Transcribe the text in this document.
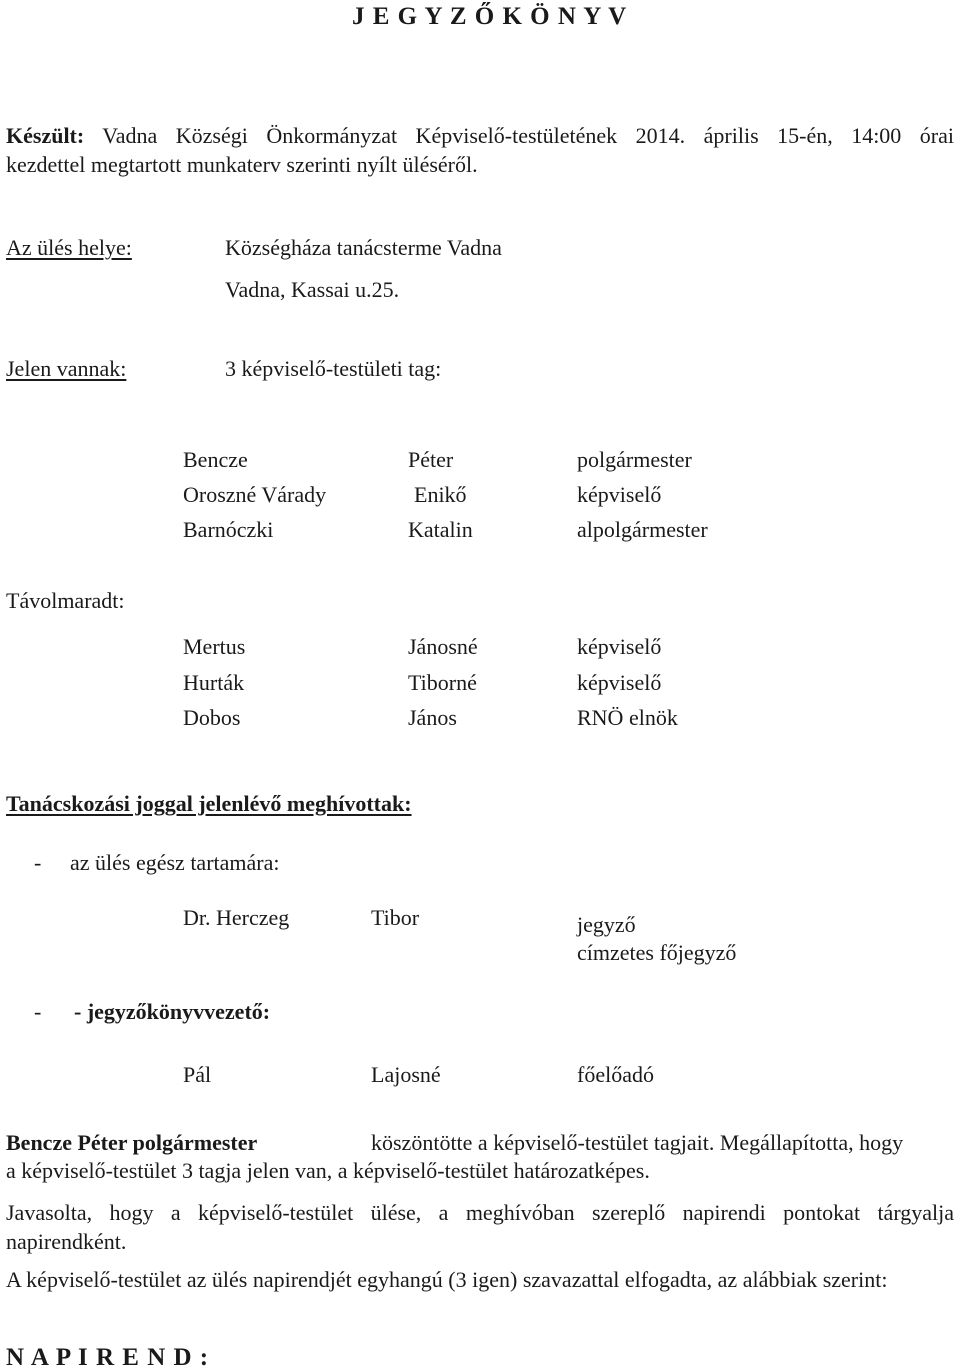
J E G Y Z Ő K Ö N Y V
Készült: Vadna Községi Önkormányzat Képviselő-testületének 2014. április 15-én, 14:00 órai
kezdettel megtartott munkaterv szerinti nyílt üléséről.
Az ülés helye:	Községháza tanácsterme Vadna
Vadna, Kassai u.25.
Jelen vannak:	3 képviselő-testületi tag:
Bencze	Péter	polgármester
Oroszné Várady	Enikő	képviselő
Barnóczki	Katalin	alpolgármester
Távolmaradt:
Mertus	Jánosné	képviselő
Hurták	Tiborné	képviselő
Dobos	János	RNÖ elnök
Tanácskozási joggal jelenlévő meghívottak:
- az ülés egész tartamára:
Dr. Herczeg	Tibor	jegyző
címzetes főjegyző
- - jegyzőkönyvvezető:
Pál	Lajosné	főelőadó
Bencze Péter polgármester	köszöntötte a képviselő-testület tagjait. Megállapította, hogy
a képviselő-testület 3 tagja jelen van, a képviselő-testület határozatképes.
Javasolta, hogy a képviselő-testület ülése, a meghívóban szereplő napirendi pontokat tárgyalja
napirendként.
A képviselő-testület az ülés napirendjét egyhangú (3 igen) szavazattal elfogadta, az alábbiak szerint:
N A P I R E N D :
